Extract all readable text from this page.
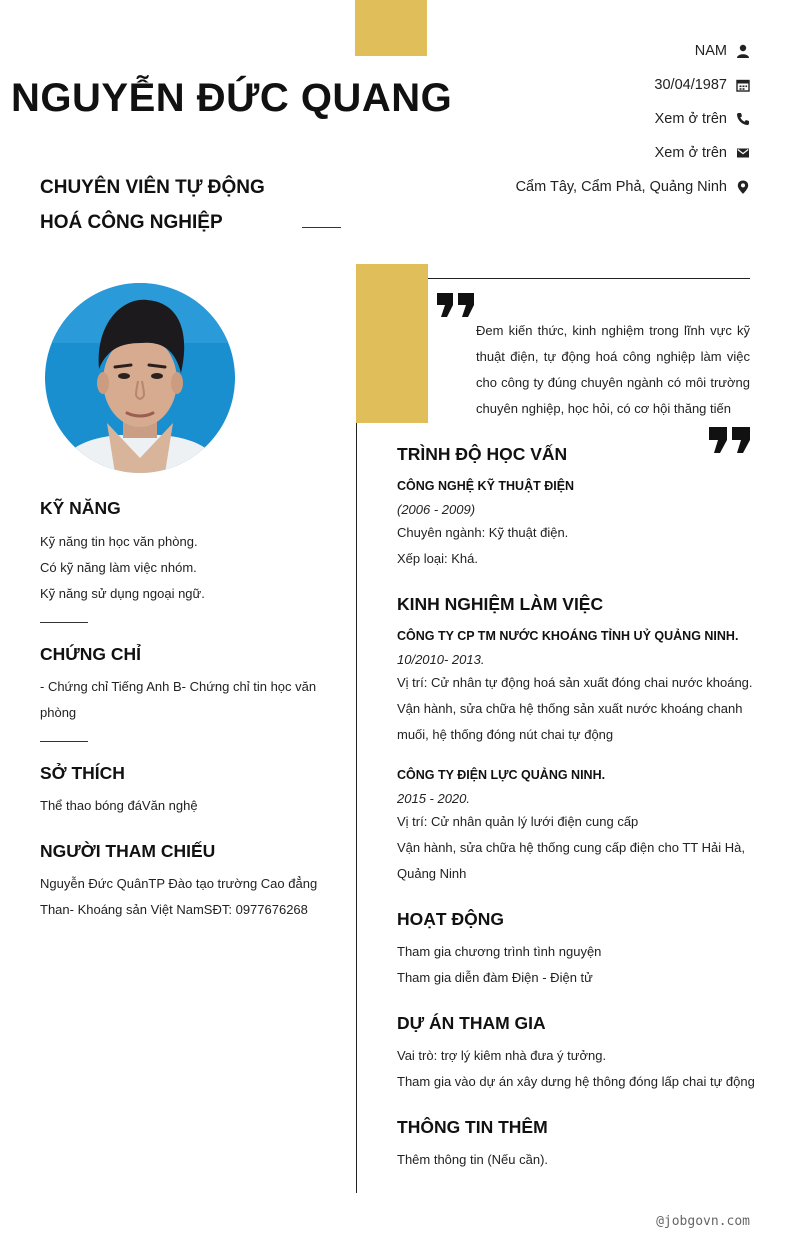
NGUYỄN ĐỨC QUANG
CHUYÊN VIÊN TỰ ĐỘNG
HOÁ CÔNG NGHIỆP
NAM
30/04/1987
Xem ở trên
Xem ở trên
Cẩm Tây, Cẩm Phả, Quảng Ninh
KỸ NĂNG
Kỹ năng tin học văn phòng.
Có kỹ năng làm việc nhóm.
Kỹ năng sử dụng ngoại ngữ.
CHỨNG CHỈ
- Chứng chỉ Tiếng Anh B- Chứng chỉ tin học văn phòng
SỞ THÍCH
Thể thao bóng đáVăn nghệ
NGƯỜI THAM CHIẾU
Nguyễn Đức QuânTP Đào tạo trường Cao đẳng
Than- Khoáng sản Việt NamSĐT: 0977676268
Đem kiến thức, kinh nghiệm trong lĩnh vực kỹ thuật điện, tự động hoá công nghiệp làm việc cho công ty đúng chuyên ngành có môi trường chuyên nghiệp, học hỏi, có cơ hội thăng tiến
TRÌNH ĐỘ HỌC VẤN
CÔNG NGHỆ KỸ THUẬT ĐIỆN
(2006 - 2009)
Chuyên ngành: Kỹ thuật điện.
Xếp loại: Khá.
KINH NGHIỆM LÀM VIỆC
CÔNG TY CP TM NƯỚC KHOÁNG TỈNH UỶ QUẢNG NINH.
10/2010- 2013.
Vị trí: Cử nhân tự động hoá sản xuất đóng chai nước khoáng.
Vận hành, sửa chữa hệ thống sản xuất nước khoáng chanh
muối, hệ thống đóng nút chai tự động
CÔNG TY ĐIỆN LỰC QUẢNG NINH.
2015 - 2020.
Vị trí: Cử nhân quản lý lưới điện cung cấp
Vận hành, sửa chữa hệ thống cung cấp điện cho TT Hải Hà,
Quảng Ninh
HOẠT ĐỘNG
Tham gia chương trình tình nguyện
Tham gia diễn đàm Điện - Điện tử
DỰ ÁN THAM GIA
Vai trò: trợ lý kiêm nhà đưa ý tưởng.
Tham gia vào dự án xây dưng hệ thông đóng lấp chai tự động
THÔNG TIN THÊM
Thêm thông tin (Nếu cần).
@jobgovn.com
